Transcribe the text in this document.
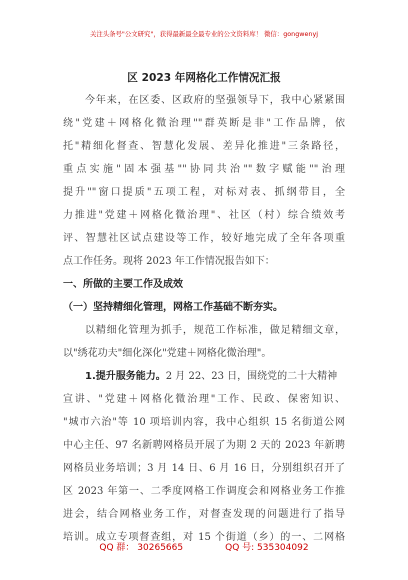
关注头条号"公文研究"，获得最新最全最专业的公文资料库！ 微信：gongwenyj
区 2023 年网格化工作情况汇报
今年来，在区委、区政府的坚强领导下，我中心紧紧围
绕"党建＋网格化微治理""群英断是非"工作品牌，依
托"精细化督查、智慧化发展、差异化推进"三条路径，
重点实施"固本强基""协同共治""数字赋能""治理
提升""窗口提质"五项工程，对标对表、抓纲带目，全
力推进"党建＋网格化微治理"、社区（村）综合绩效考
评、智慧社区试点建设等工作，较好地完成了全年各项重
点工作任务。现将 2023 年工作情况报告如下：
一、所做的主要工作及成效
（一）坚持精细化管理，网格工作基础不断夯实。
以精细化管理为抓手，规范工作标准，做足精细文章，
以"绣花功夫"细化深化"党建＋网格化微治理"。
1.提升服务能力。2 月 22、23 日，围绕党的二十大精神
宣讲、"党建＋网格化微治理"工作、民政、保密知识、
"城市六治"等 10 项培训内容，我中心组织 15 名街道公网
中心主任、97 名新聘网格员开展了为期 2 天的 2023 年新聘
网格员业务培训；3 月 14 日、6 月 16 日，分别组织召开了
区 2023 年第一、二季度网格工作调度会和网格业务工作推
进会，结合网格业务工作，对督查发现的问题进行了指导
培训。成立专项督查组，对 15 个街道（乡）的一、二网格
QQ 群： 30265665	QQ 号: 535304092
